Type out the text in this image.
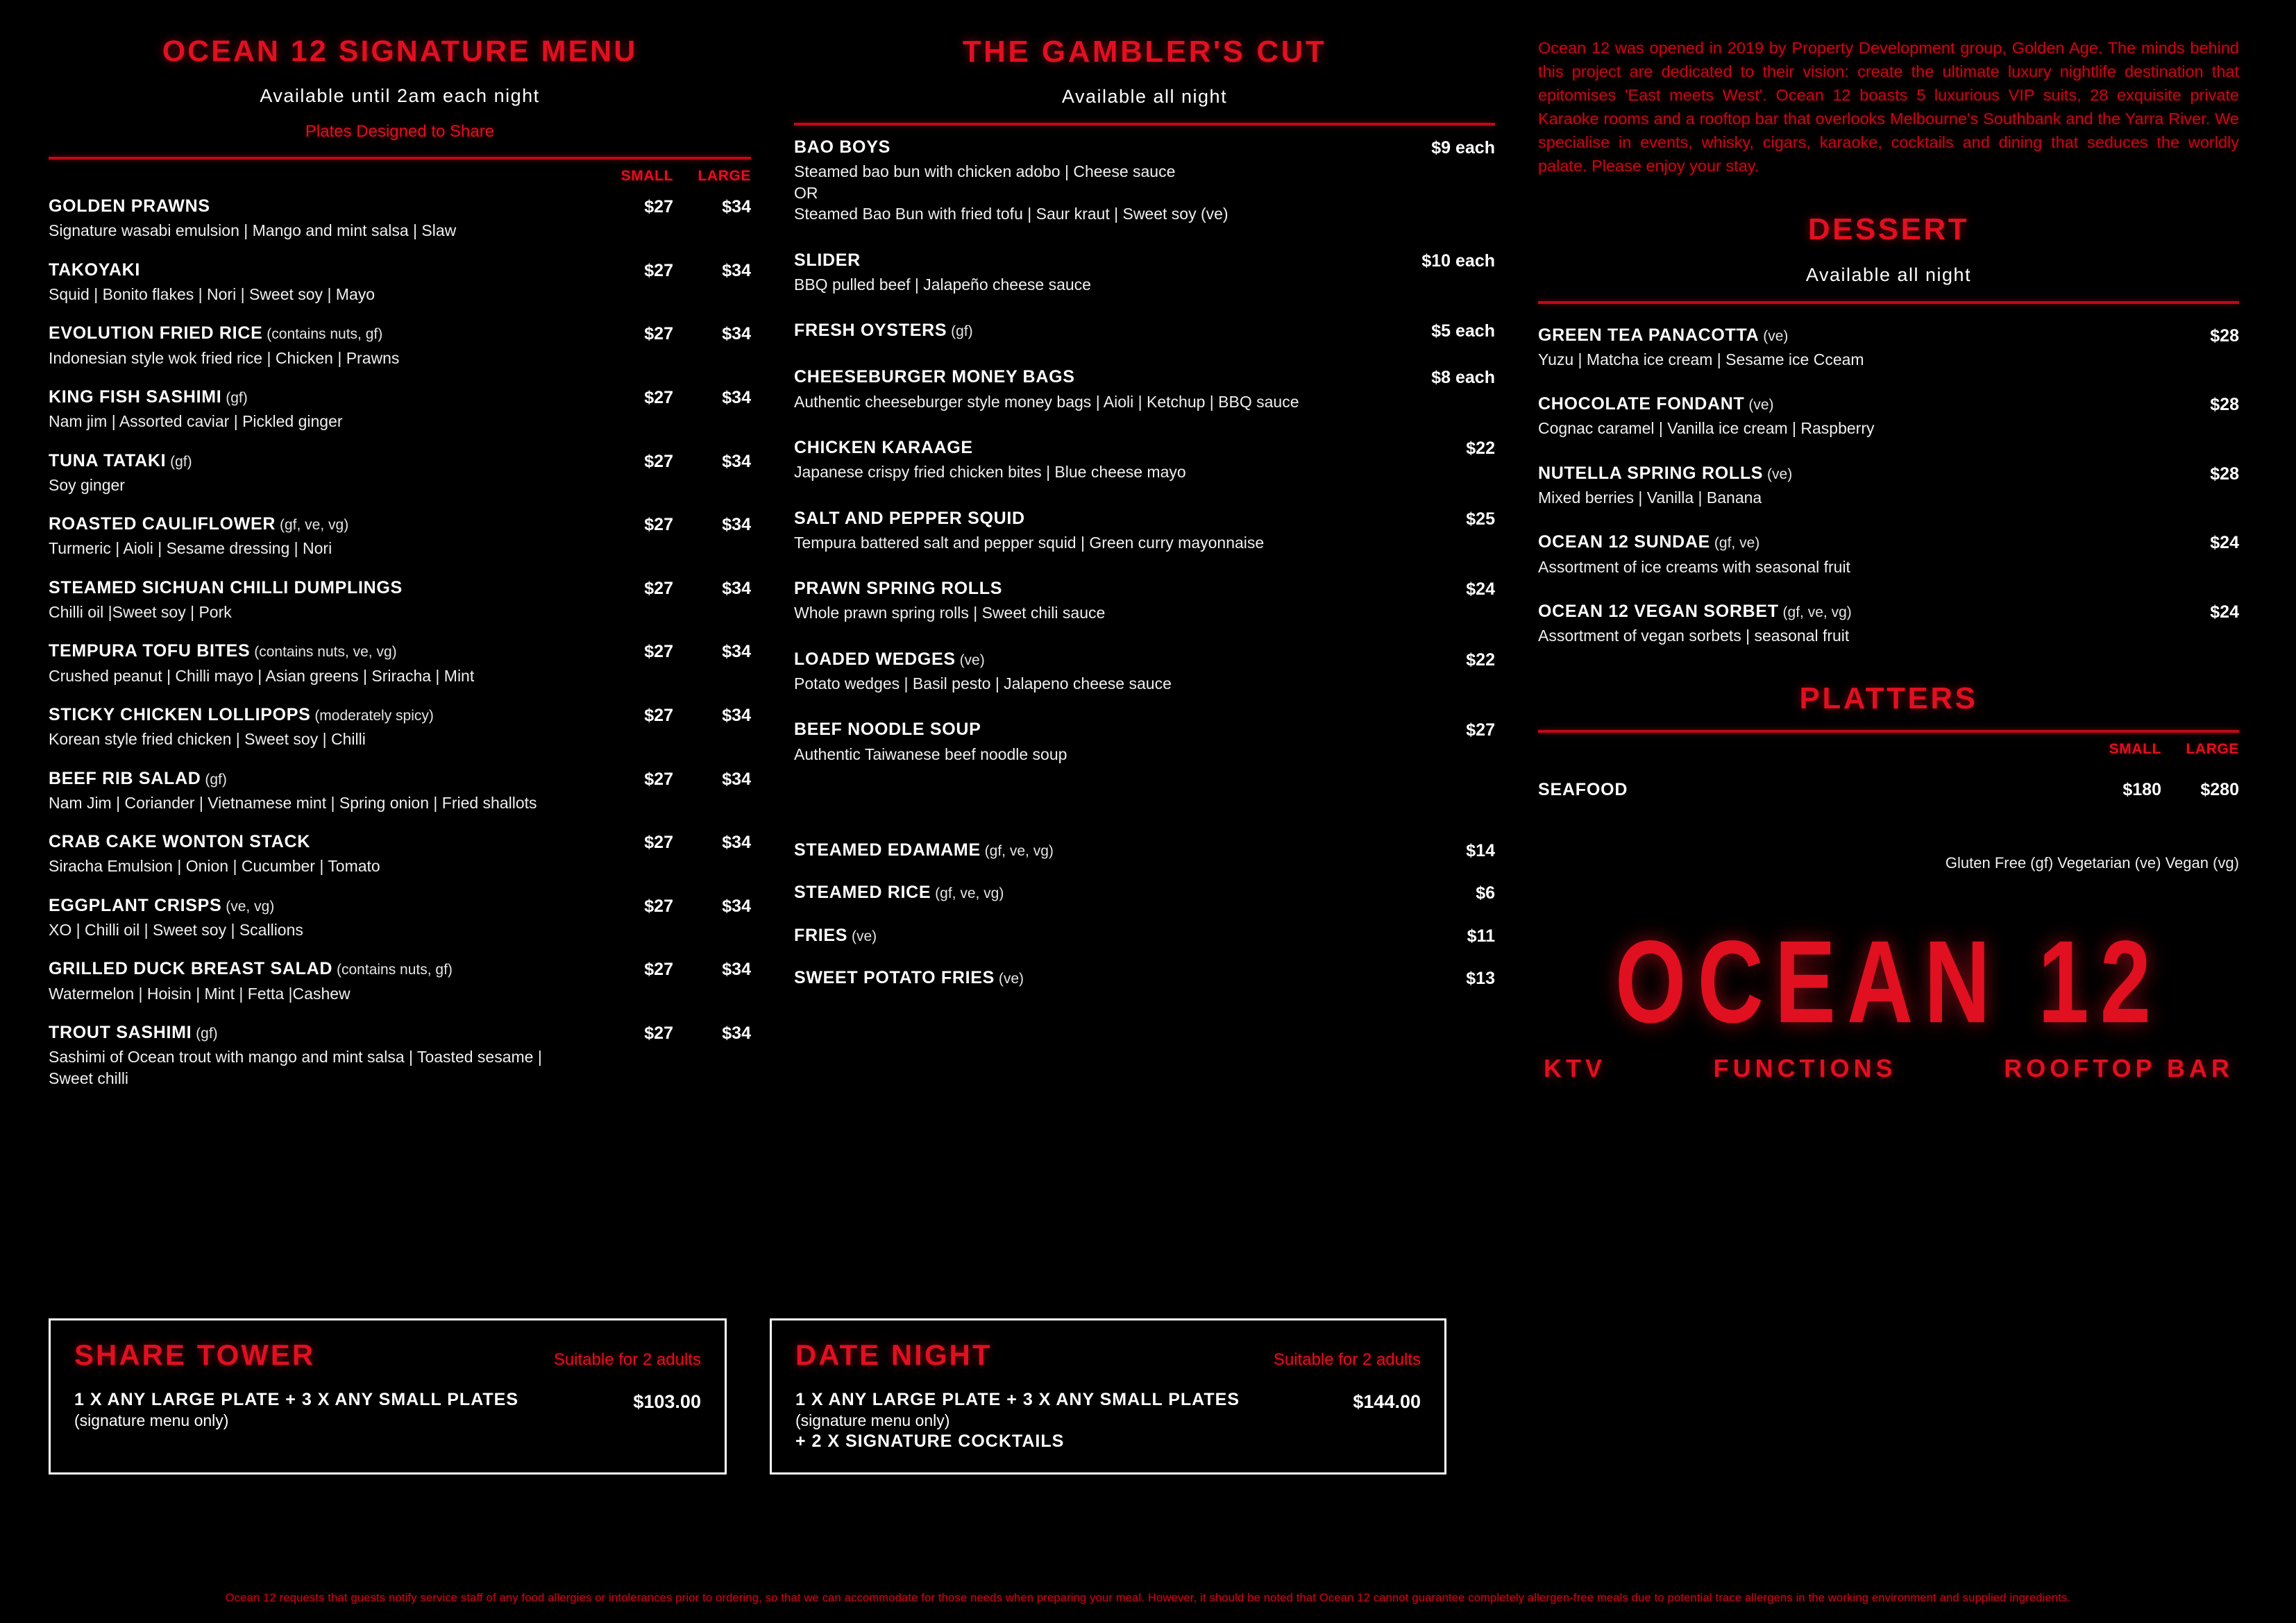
OCEAN 12 SIGNATURE MENU
Available until 2am each night
Plates Designed to Share
SMALL	LARGE
GOLDEN PRAWNS
Signature wasabi emulsion | Mango and mint salsa | Slaw
$27	$34
TAKOYAKI
Squid | Bonito flakes | Nori | Sweet soy | Mayo
$27	$34
EVOLUTION FRIED RICE (contains nuts, gf)
Indonesian style wok fried rice | Chicken | Prawns
$27	$34
KING FISH SASHIMI (gf)
Nam jim | Assorted caviar | Pickled ginger
$27	$34
TUNA TATAKI (gf)
Soy ginger
$27	$34
ROASTED CAULIFLOWER (gf, ve, vg)
Turmeric | Aioli | Sesame dressing | Nori
$27	$34
STEAMED SICHUAN CHILLI DUMPLINGS
Chilli oil |Sweet soy | Pork
$27	$34
TEMPURA TOFU BITES (contains nuts, ve, vg)
Crushed peanut | Chilli mayo | Asian greens | Sriracha | Mint
$27	$34
STICKY CHICKEN LOLLIPOPS (moderately spicy)
Korean style fried chicken | Sweet soy | Chilli
$27	$34
BEEF RIB SALAD (gf)
Nam Jim | Coriander | Vietnamese mint | Spring onion | Fried shallots
$27	$34
CRAB CAKE WONTON STACK
Siracha Emulsion | Onion | Cucumber | Tomato
$27	$34
EGGPLANT CRISPS (ve, vg)
XO | Chilli oil | Sweet soy | Scallions
$27	$34
GRILLED DUCK BREAST SALAD (contains nuts, gf)
Watermelon | Hoisin | Mint | Fetta |Cashew
$27	$34
TROUT SASHIMI (gf)
Sashimi of Ocean trout with mango and mint salsa | Toasted sesame | Sweet chilli
$27	$34
THE GAMBLER'S CUT
Available all night
BAO BOYS
Steamed bao bun with chicken adobo | Cheese sauce
OR
Steamed Bao Bun with fried tofu | Saur kraut | Sweet soy (ve)
$9 each
SLIDER
BBQ pulled beef | Jalapeño cheese sauce
$10 each
FRESH OYSTERS (gf)	$5 each
CHEESEBURGER MONEY BAGS
Authentic cheeseburger style money bags | Aioli | Ketchup | BBQ sauce
$8 each
CHICKEN KARAAGE
Japanese crispy fried chicken bites | Blue cheese mayo
$22
SALT AND PEPPER SQUID
Tempura battered salt and pepper squid | Green curry mayonnaise
$25
PRAWN SPRING ROLLS
Whole prawn spring rolls | Sweet chili sauce
$24
LOADED WEDGES (ve)
Potato wedges | Basil pesto | Jalapeno cheese sauce
$22
BEEF NOODLE SOUP
Authentic Taiwanese beef noodle soup
$27
STEAMED EDAMAME (gf, ve, vg)	$14
STEAMED RICE (gf, ve, vg)	$6
FRIES (ve)	$11
SWEET POTATO FRIES (ve)	$13
Ocean 12 was opened in 2019 by Property Development group, Golden Age. The minds behind this project are dedicated to their vision: create the ultimate luxury nightlife destination that epitomises 'East meets West'. Ocean 12 boasts 5 luxurious VIP suits, 28 exquisite private Karaoke rooms and a rooftop bar that overlooks Melbourne's Southbank and the Yarra River. We specialise in events, whisky, cigars, karaoke, cocktails and dining that seduces the worldly palate. Please enjoy your stay.
DESSERT
Available all night
GREEN TEA PANACOTTA (ve)
Yuzu | Matcha ice cream | Sesame ice Cceam
$28
CHOCOLATE FONDANT (ve)
Cognac caramel | Vanilla ice cream | Raspberry
$28
NUTELLA SPRING ROLLS (ve)
Mixed berries | Vanilla | Banana
$28
OCEAN 12 SUNDAE (gf, ve)
Assortment of ice creams with seasonal fruit
$24
OCEAN 12 VEGAN SORBET (gf, ve, vg)
Assortment of vegan sorbets | seasonal fruit
$24
PLATTERS
SMALL	LARGE
SEAFOOD	$180	$280
Gluten Free (gf) Vegetarian (ve) Vegan (vg)
OCEAN 12
KTV	FUNCTIONS	ROOFTOP BAR
SHARE TOWER	Suitable for 2 adults
1 X ANY LARGE PLATE + 3 X ANY SMALL PLATES
(signature menu only)
$103.00
DATE NIGHT	Suitable for 2 adults
1 X ANY LARGE PLATE + 3 X ANY SMALL PLATES
(signature menu only)
+ 2 X SIGNATURE COCKTAILS
$144.00
Ocean 12 requests that guests notify service staff of any food allergies or intolerances prior to ordering, so that we can accommodate for those needs when preparing your meal. However, it should be noted that Ocean 12 cannot guarantee completely allergen-free meals due to potential trace allergens in the working environment and supplied ingredients.
